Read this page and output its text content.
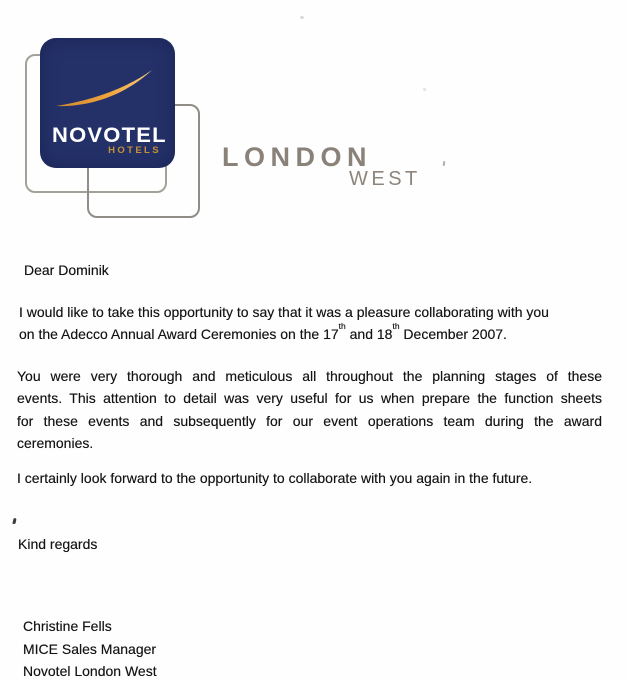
NOVOTEL
HOTELS LONDON
WEST

Dear Dominik

I would like to take this opportunity to say that it was a pleasure collaborating with you
on the Adecco Annual Award Ceremonies on the 17th and 18th December 2007.

You were very thorough and meticulous all throughout the planning stages of these
events. This attention to detail was very useful for us when prepare the function sheets
for these events and subsequently for our event operations team during the award
ceremonies.

I certainly look forward to the opportunity to collaborate with you again in the future.

Kind regards

Christine Fells
MICE Sales Manager
Novotel London West
